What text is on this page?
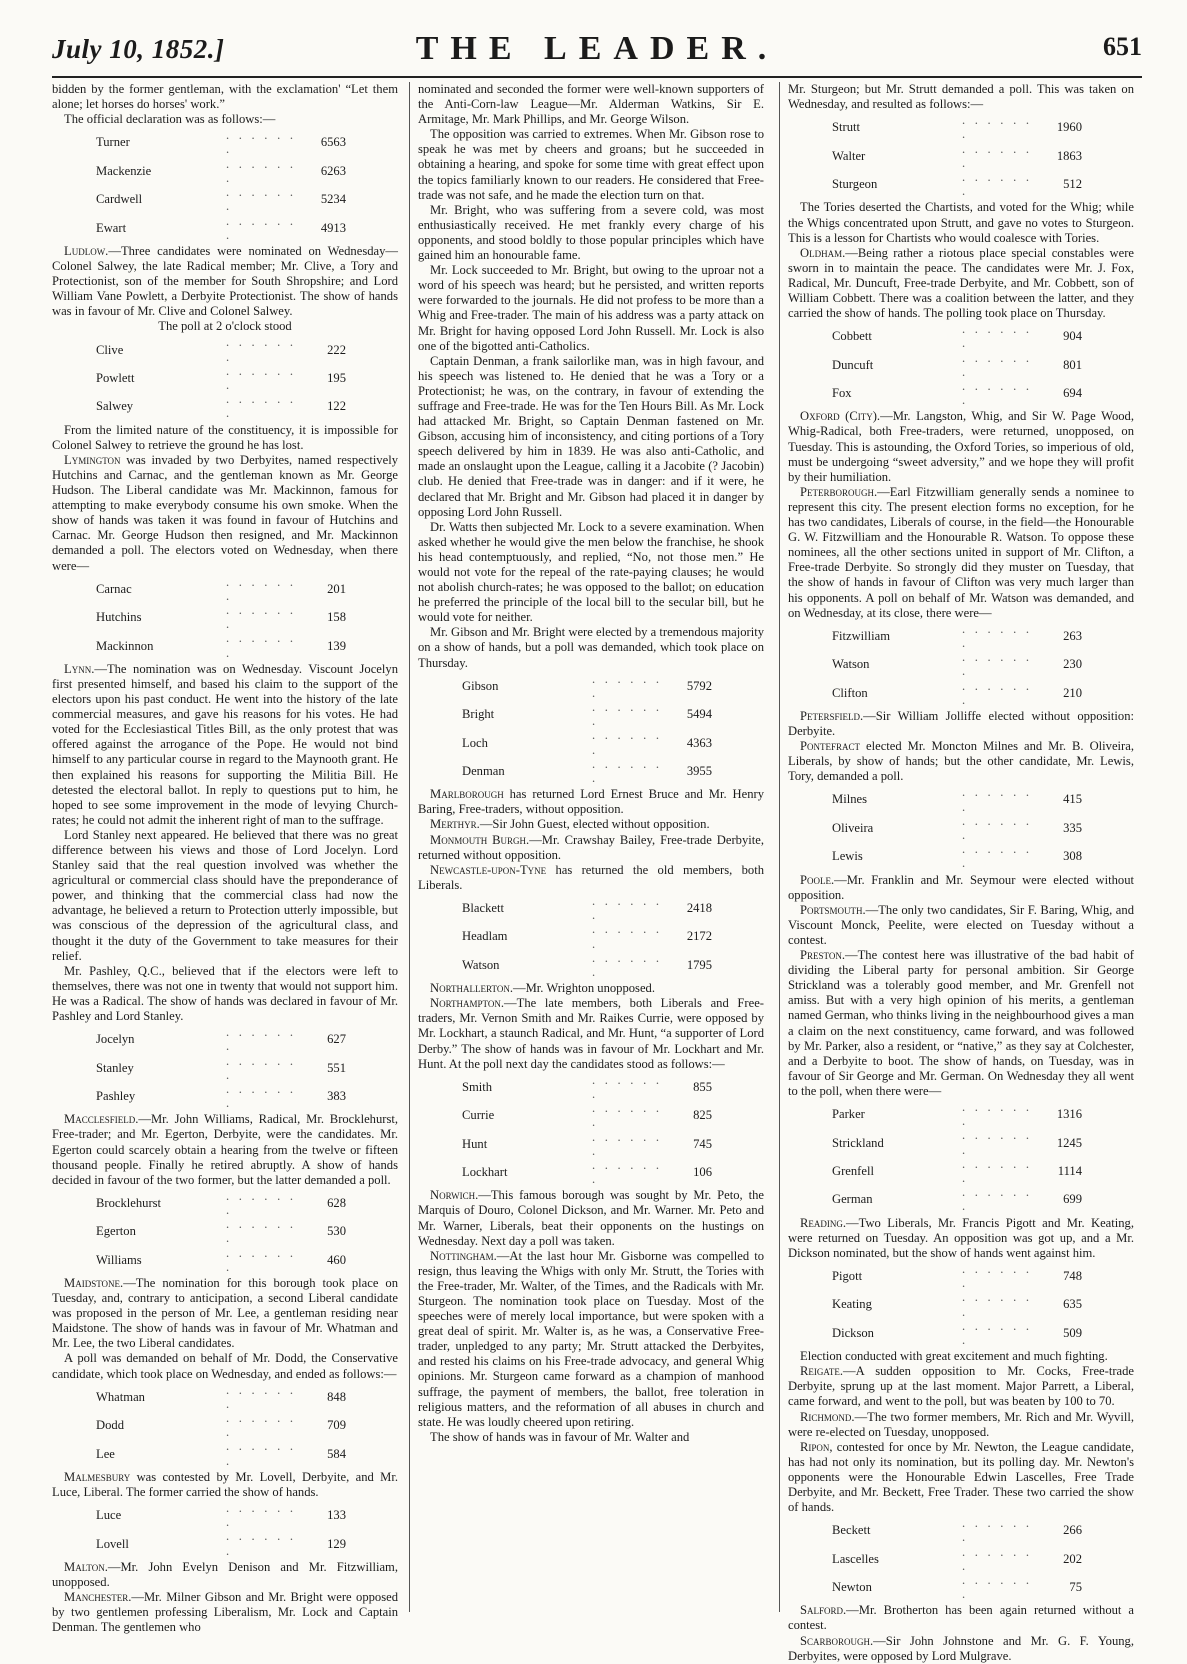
July 10, 1852.]	THE LEADER.	651

bidden by the former gentleman, with the exclamation' “Let them alone; let horses do horses' work.”

The official declaration was as follows:—

Turner	. . . . . . .	6563
Mackenzie	. . . . . . .	6263
Cardwell	. . . . . . .	5234
Ewart	. . . . . . .	4913

Ludlow.—Three candidates were nominated on Wednesday—Colonel Salwey, the late Radical member; Mr. Clive, a Tory and Protectionist, son of the member for South Shropshire; and Lord William Vane Powlett, a Derbyite Protectionist. The show of hands was in favour of Mr. Clive and Colonel Salwey.

The poll at 2 o'clock stood

Clive	. . . . . . .	222
Powlett	. . . . . . .	195
Salwey	. . . . . . .	122

From the limited nature of the constituency, it is impossible for Colonel Salwey to retrieve the ground he has lost.

Lymington was invaded by two Derbyites, named respectively Hutchins and Carnac, and the gentleman known as Mr. George Hudson. The Liberal candidate was Mr. Mackinnon, famous for attempting to make everybody consume his own smoke. When the show of hands was taken it was found in favour of Hutchins and Carnac. Mr. George Hudson then resigned, and Mr. Mackinnon demanded a poll. The electors voted on Wednesday, when there were—

Carnac	. . . . . . .	201
Hutchins	. . . . . . .	158
Mackinnon	. . . . . . .	139

Lynn.—The nomination was on Wednesday. Viscount Jocelyn first presented himself, and based his claim to the support of the electors upon his past conduct. He went into the history of the late commercial measures, and gave his reasons for his votes. He had voted for the Ecclesiastical Titles Bill, as the only protest that was offered against the arrogance of the Pope. He would not bind himself to any particular course in regard to the Maynooth grant. He then explained his reasons for supporting the Militia Bill. He detested the electoral ballot. In reply to questions put to him, he hoped to see some improvement in the mode of levying Church-rates; he could not admit the inherent right of man to the suffrage.

Lord Stanley next appeared. He believed that there was no great difference between his views and those of Lord Jocelyn. Lord Stanley said that the real question involved was whether the agricultural or commercial class should have the preponderance of power, and thinking that the commercial class had now the advantage, he believed a return to Protection utterly impossible, but was conscious of the depression of the agricultural class, and thought it the duty of the Government to take measures for their relief.

Mr. Pashley, Q.C., believed that if the electors were left to themselves, there was not one in twenty that would not support him. He was a Radical. The show of hands was declared in favour of Mr. Pashley and Lord Stanley.

Jocelyn	. . . . . . .	627
Stanley	. . . . . . .	551
Pashley	. . . . . . .	383

Macclesfield.—Mr. John Williams, Radical, Mr. Brocklehurst, Free-trader; and Mr. Egerton, Derbyite, were the candidates. Mr. Egerton could scarcely obtain a hearing from the twelve or fifteen thousand people. Finally he retired abruptly. A show of hands decided in favour of the two former, but the latter demanded a poll.

Brocklehurst	. . . . . . .	628
Egerton	. . . . . . .	530
Williams	. . . . . . .	460

Maidstone.—The nomination for this borough took place on Tuesday, and, contrary to anticipation, a second Liberal candidate was proposed in the person of Mr. Lee, a gentleman residing near Maidstone. The show of hands was in favour of Mr. Whatman and Mr. Lee, the two Liberal candidates.

A poll was demanded on behalf of Mr. Dodd, the Conservative candidate, which took place on Wednesday, and ended as follows:—

Whatman	. . . . . . .	848
Dodd	. . . . . . .	709
Lee	. . . . . . .	584

Malmesbury was contested by Mr. Lovell, Derbyite, and Mr. Luce, Liberal. The former carried the show of hands.

Luce	. . . . . . .	133
Lovell	. . . . . . .	129

Malton.—Mr. John Evelyn Denison and Mr. Fitzwilliam, unopposed.

Manchester.—Mr. Milner Gibson and Mr. Bright were opposed by two gentlemen professing Liberalism, Mr. Lock and Captain Denman. The gentlemen who

nominated and seconded the former were well-known supporters of the Anti-Corn-law League—Mr. Alderman Watkins, Sir E. Armitage, Mr. Mark Phillips, and Mr. George Wilson.

The opposition was carried to extremes. When Mr. Gibson rose to speak he was met by cheers and groans; but he succeeded in obtaining a hearing, and spoke for some time with great effect upon the topics familiarly known to our readers. He considered that Free-trade was not safe, and he made the election turn on that.

Mr. Bright, who was suffering from a severe cold, was most enthusiastically received. He met frankly every charge of his opponents, and stood boldly to those popular principles which have gained him an honourable fame.

Mr. Lock succeeded to Mr. Bright, but owing to the uproar not a word of his speech was heard; but he persisted, and written reports were forwarded to the journals. He did not profess to be more than a Whig and Free-trader. The main of his address was a party attack on Mr. Bright for having opposed Lord John Russell. Mr. Lock is also one of the bigotted anti-Catholics.

Captain Denman, a frank sailorlike man, was in high favour, and his speech was listened to. He denied that he was a Tory or a Protectionist; he was, on the contrary, in favour of extending the suffrage and Free-trade. He was for the Ten Hours Bill. As Mr. Lock had attacked Mr. Bright, so Captain Denman fastened on Mr. Gibson, accusing him of inconsistency, and citing portions of a Tory speech delivered by him in 1839. He was also anti-Catholic, and made an onslaught upon the League, calling it a Jacobite (? Jacobin) club. He denied that Free-trade was in danger: and if it were, he declared that Mr. Bright and Mr. Gibson had placed it in danger by opposing Lord John Russell.

Dr. Watts then subjected Mr. Lock to a severe examination. When asked whether he would give the men below the franchise, he shook his head contemptuously, and replied, “No, not those men.” He would not vote for the repeal of the rate-paying clauses; he would not abolish church-rates; he was opposed to the ballot; on education he preferred the principle of the local bill to the secular bill, but he would vote for neither.

Mr. Gibson and Mr. Bright were elected by a tremendous majority on a show of hands, but a poll was demanded, which took place on Thursday.

Gibson	. . . . . . .	5792
Bright	. . . . . . .	5494
Loch	. . . . . . .	4363
Denman	. . . . . . .	3955

Marlborough has returned Lord Ernest Bruce and Mr. Henry Baring, Free-traders, without opposition.

Merthyr.—Sir John Guest, elected without opposition.

Monmouth Burgh.—Mr. Crawshay Bailey, Free-trade Derbyite, returned without opposition.

Newcastle-upon-Tyne has returned the old members, both Liberals.

Blackett	. . . . . . .	2418
Headlam	. . . . . . .	2172
Watson	. . . . . . .	1795

Northallerton.—Mr. Wrighton unopposed.

Northampton.—The late members, both Liberals and Free-traders, Mr. Vernon Smith and Mr. Raikes Currie, were opposed by Mr. Lockhart, a staunch Radical, and Mr. Hunt, “a supporter of Lord Derby.” The show of hands was in favour of Mr. Lockhart and Mr. Hunt. At the poll next day the candidates stood as follows:—

Smith	. . . . . . .	855
Currie	. . . . . . .	825
Hunt	. . . . . . .	745
Lockhart	. . . . . . .	106

Norwich.—This famous borough was sought by Mr. Peto, the Marquis of Douro, Colonel Dickson, and Mr. Warner. Mr. Peto and Mr. Warner, Liberals, beat their opponents on the hustings on Wednesday. Next day a poll was taken.

Nottingham.—At the last hour Mr. Gisborne was compelled to resign, thus leaving the Whigs with only Mr. Strutt, the Tories with the Free-trader, Mr. Walter, of the Times, and the Radicals with Mr. Sturgeon. The nomination took place on Tuesday. Most of the speeches were of merely local importance, but were spoken with a great deal of spirit. Mr. Walter is, as he was, a Conservative Free-trader, unpledged to any party; Mr. Strutt attacked the Derbyites, and rested his claims on his Free-trade advocacy, and general Whig opinions. Mr. Sturgeon came forward as a champion of manhood suffrage, the payment of members, the ballot, free toleration in religious matters, and the reformation of all abuses in church and state. He was loudly cheered upon retiring.

The show of hands was in favour of Mr. Walter and

Mr. Sturgeon; but Mr. Strutt demanded a poll. This was taken on Wednesday, and resulted as follows:—

Strutt	. . . . . . .	1960
Walter	. . . . . . .	1863
Sturgeon	. . . . . . .	512

The Tories deserted the Chartists, and voted for the Whig; while the Whigs concentrated upon Strutt, and gave no votes to Sturgeon. This is a lesson for Chartists who would coalesce with Tories.

Oldham.—Being rather a riotous place special constables were sworn in to maintain the peace. The candidates were Mr. J. Fox, Radical, Mr. Duncuft, Free-trade Derbyite, and Mr. Cobbett, son of William Cobbett. There was a coalition between the latter, and they carried the show of hands. The polling took place on Thursday.

Cobbett	. . . . . . .	904
Duncuft	. . . . . . .	801
Fox	. . . . . . .	694

Oxford (City).—Mr. Langston, Whig, and Sir W. Page Wood, Whig-Radical, both Free-traders, were returned, unopposed, on Tuesday. This is astounding, the Oxford Tories, so imperious of old, must be undergoing “sweet adversity,” and we hope they will profit by their humiliation.

Peterborough.—Earl Fitzwilliam generally sends a nominee to represent this city. The present election forms no exception, for he has two candidates, Liberals of course, in the field—the Honourable G. W. Fitzwilliam and the Honourable R. Watson. To oppose these nominees, all the other sections united in support of Mr. Clifton, a Free-trade Derbyite. So strongly did they muster on Tuesday, that the show of hands in favour of Clifton was very much larger than his opponents. A poll on behalf of Mr. Watson was demanded, and on Wednesday, at its close, there were—

Fitzwilliam	. . . . . . .	263
Watson	. . . . . . .	230
Clifton	. . . . . . .	210

Petersfield.—Sir William Jolliffe elected without opposition: Derbyite.

Pontefract elected Mr. Moncton Milnes and Mr. B. Oliveira, Liberals, by show of hands; but the other candidate, Mr. Lewis, Tory, demanded a poll.

Milnes	. . . . . . .	415
Oliveira	. . . . . . .	335
Lewis	. . . . . . .	308

Poole.—Mr. Franklin and Mr. Seymour were elected without opposition.

Portsmouth.—The only two candidates, Sir F. Baring, Whig, and Viscount Monck, Peelite, were elected on Tuesday without a contest.

Preston.—The contest here was illustrative of the bad habit of dividing the Liberal party for personal ambition. Sir George Strickland was a tolerably good member, and Mr. Grenfell not amiss. But with a very high opinion of his merits, a gentleman named German, who thinks living in the neighbourhood gives a man a claim on the next constituency, came forward, and was followed by Mr. Parker, also a resident, or “native,” as they say at Colchester, and a Derbyite to boot. The show of hands, on Tuesday, was in favour of Sir George and Mr. German. On Wednesday they all went to the poll, when there were—

Parker	. . . . . . .	1316
Strickland	. . . . . . .	1245
Grenfell	. . . . . . .	1114
German	. . . . . . .	699

Reading.—Two Liberals, Mr. Francis Pigott and Mr. Keating, were returned on Tuesday. An opposition was got up, and a Mr. Dickson nominated, but the show of hands went against him.

Pigott	. . . . . . .	748
Keating	. . . . . . .	635
Dickson	. . . . . . .	509

Election conducted with great excitement and much fighting.

Reigate.—A sudden opposition to Mr. Cocks, Free-trade Derbyite, sprung up at the last moment. Major Parrett, a Liberal, came forward, and went to the poll, but was beaten by 100 to 70.

Richmond.—The two former members, Mr. Rich and Mr. Wyvill, were re-elected on Tuesday, unopposed.

Ripon, contested for once by Mr. Newton, the League candidate, has had not only its nomination, but its polling day. Mr. Newton's opponents were the Honourable Edwin Lascelles, Free Trade Derbyite, and Mr. Beckett, Free Trader. These two carried the show of hands.

Beckett	. . . . . . .	266
Lascelles	. . . . . . .	202
Newton	. . . . . . .	75

Salford.—Mr. Brotherton has been again returned without a contest.

Scarborough.—Sir John Johnstone and Mr. G. F. Young, Derbyites, were opposed by Lord Mulgrave.
